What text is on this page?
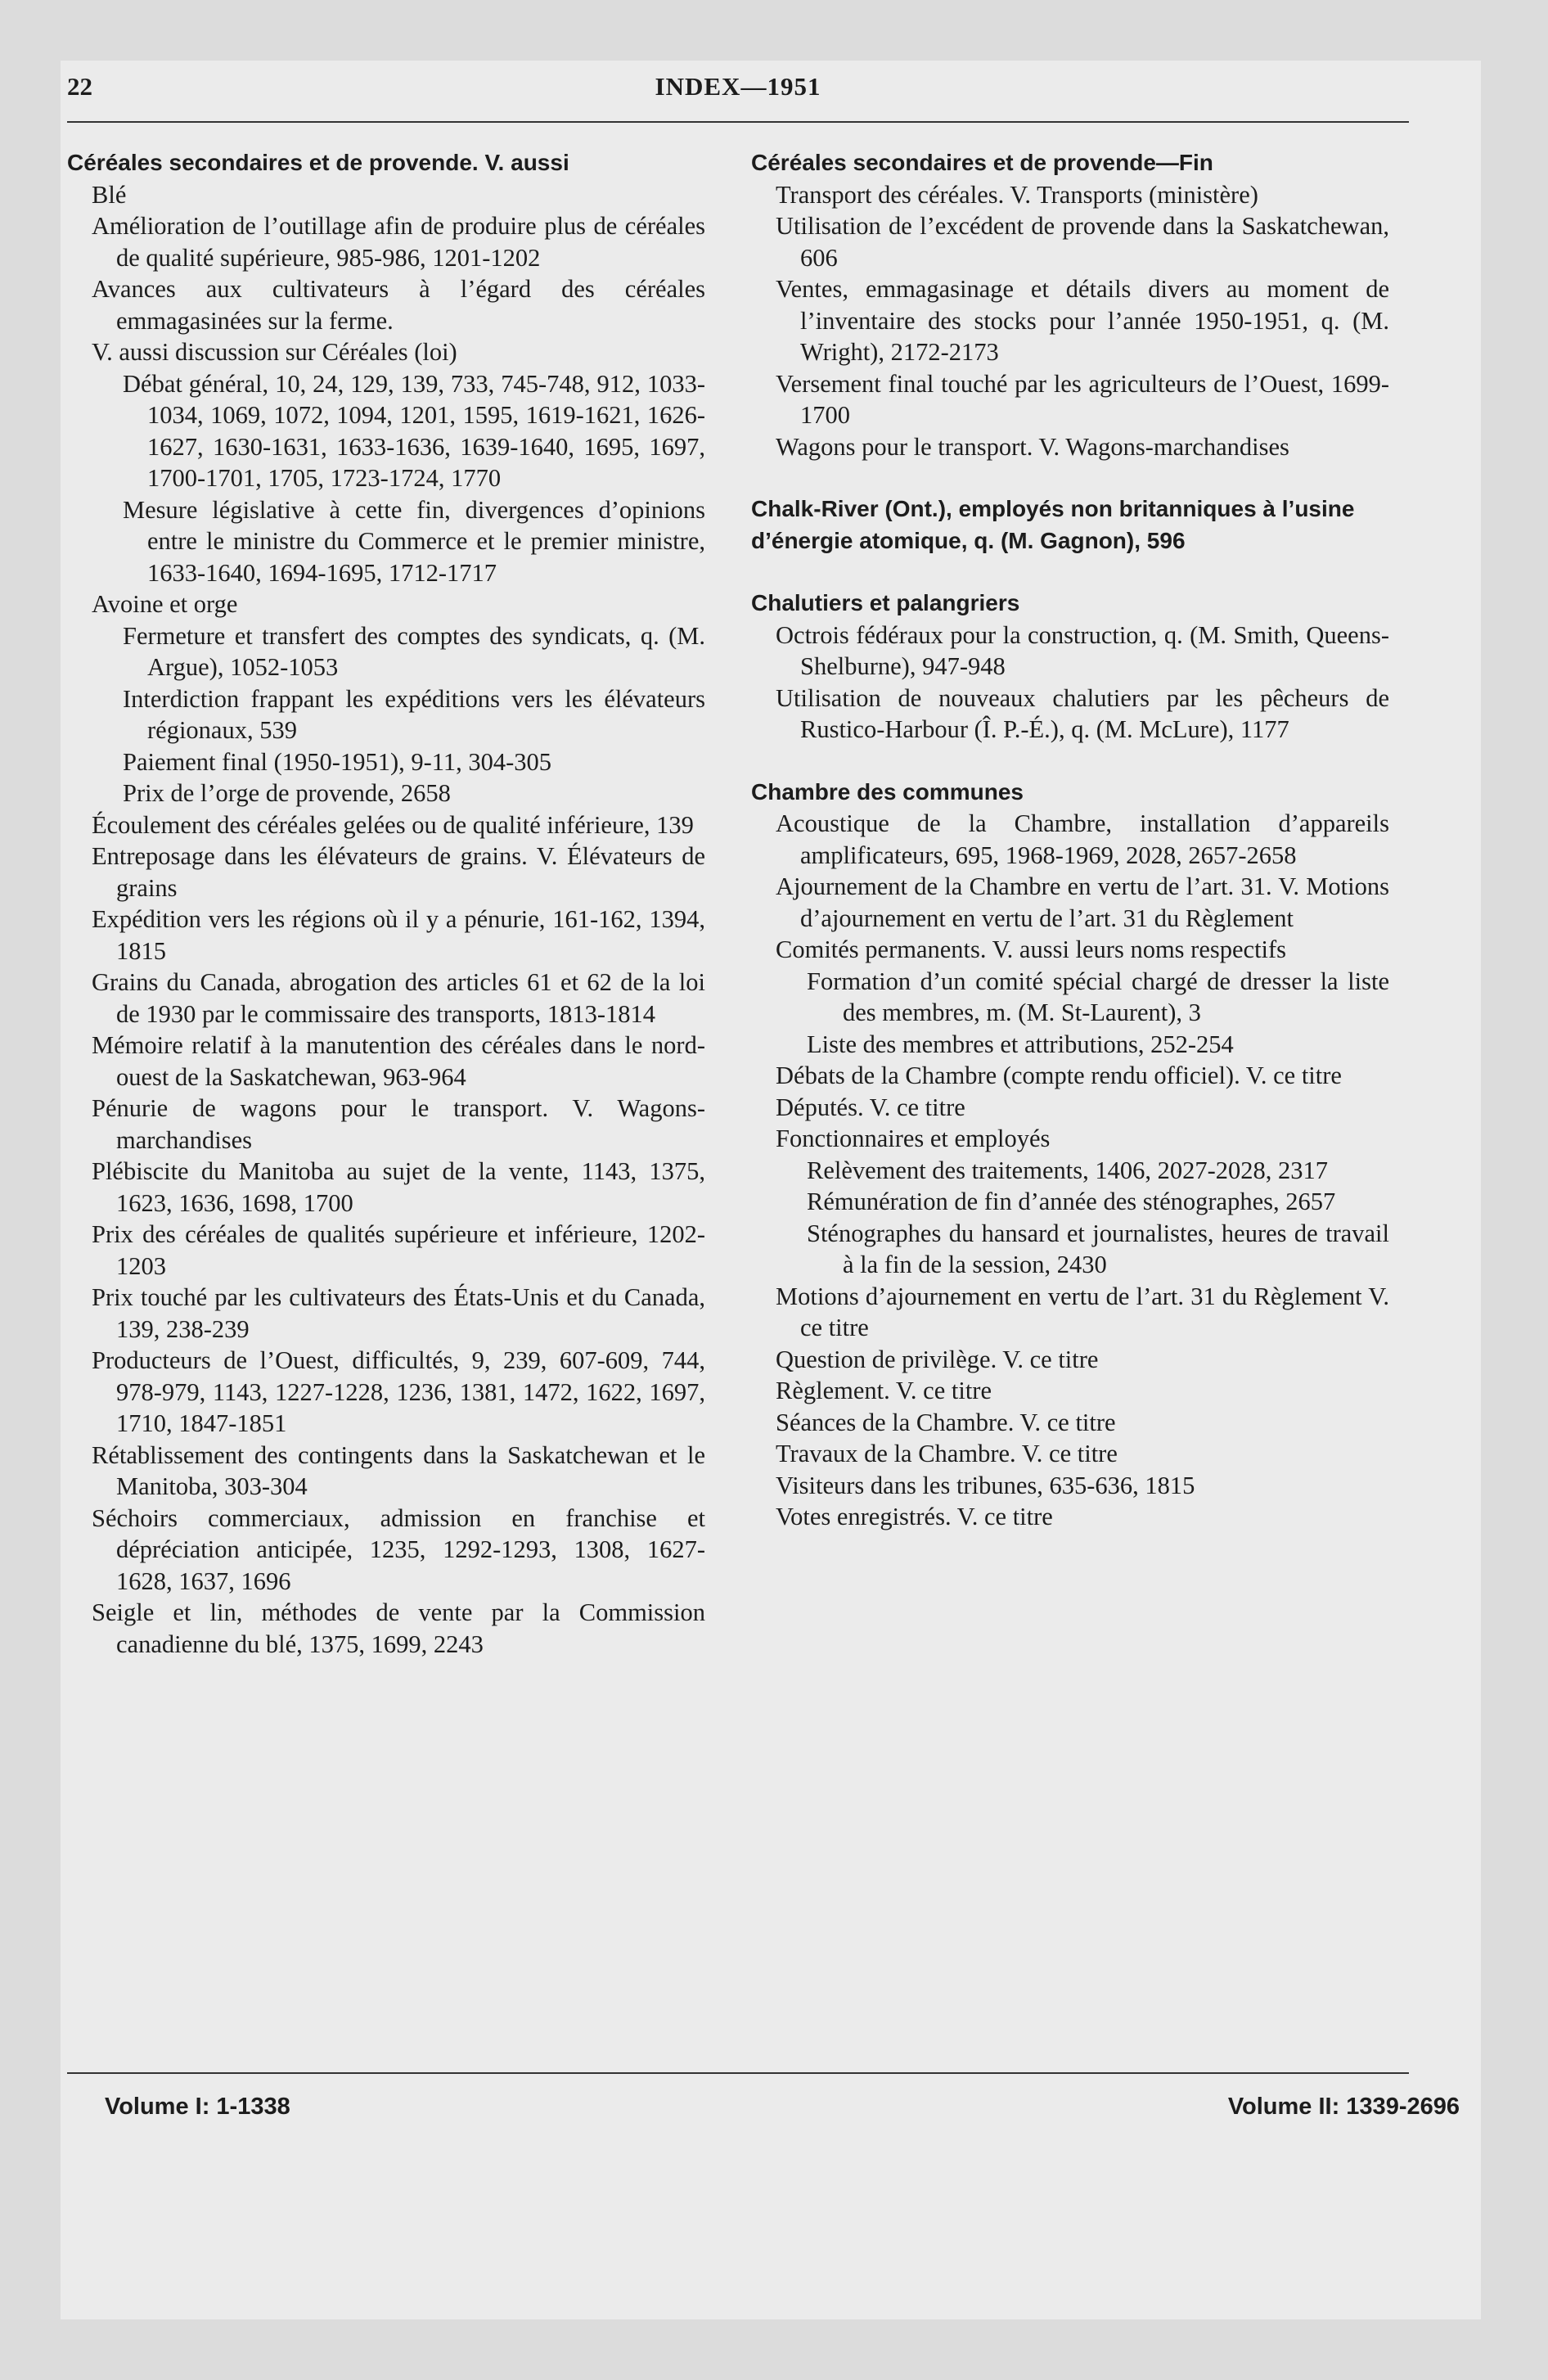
22	INDEX—1951
Céréales secondaires et de provende. V. aussi
Blé
Amélioration de l’outillage afin de produire plus de céréales de qualité supérieure, 985-986, 1201-1202
Avances aux cultivateurs à l’égard des céréales emmagasinées sur la ferme.
V. aussi discussion sur Céréales (loi)
Débat général, 10, 24, 129, 139, 733, 745-748, 912, 1033-1034, 1069, 1072, 1094, 1201, 1595, 1619-1621, 1626-1627, 1630-1631, 1633-1636, 1639-1640, 1695, 1697, 1700-1701, 1705, 1723-1724, 1770
Mesure législative à cette fin, divergences d’opinions entre le ministre du Commerce et le premier ministre, 1633-1640, 1694-1695, 1712-1717
Avoine et orge
Fermeture et transfert des comptes des syndicats, q. (M. Argue), 1052-1053
Interdiction frappant les expéditions vers les élévateurs régionaux, 539
Paiement final (1950-1951), 9-11, 304-305
Prix de l’orge de provende, 2658
Écoulement des céréales gelées ou de qualité inférieure, 139
Entreposage dans les élévateurs de grains. V. Élévateurs de grains
Expédition vers les régions où il y a pénurie, 161-162, 1394, 1815
Grains du Canada, abrogation des articles 61 et 62 de la loi de 1930 par le commissaire des transports, 1813-1814
Mémoire relatif à la manutention des céréales dans le nord-ouest de la Saskatchewan, 963-964
Pénurie de wagons pour le transport. V. Wagons-marchandises
Plébiscite du Manitoba au sujet de la vente, 1143, 1375, 1623, 1636, 1698, 1700
Prix des céréales de qualités supérieure et inférieure, 1202-1203
Prix touché par les cultivateurs des États-Unis et du Canada, 139, 238-239
Producteurs de l’Ouest, difficultés, 9, 239, 607-609, 744, 978-979, 1143, 1227-1228, 1236, 1381, 1472, 1622, 1697, 1710, 1847-1851
Rétablissement des contingents dans la Saskatchewan et le Manitoba, 303-304
Séchoirs commerciaux, admission en franchise et dépréciation anticipée, 1235, 1292-1293, 1308, 1627-1628, 1637, 1696
Seigle et lin, méthodes de vente par la Commission canadienne du blé, 1375, 1699, 2243
Céréales secondaires et de provende—Fin
Transport des céréales. V. Transports (ministère)
Utilisation de l’excédent de provende dans la Saskatchewan, 606
Ventes, emmagasinage et détails divers au moment de l’inventaire des stocks pour l’année 1950-1951, q. (M. Wright), 2172-2173
Versement final touché par les agriculteurs de l’Ouest, 1699-1700
Wagons pour le transport. V. Wagons-marchandises
Chalk-River (Ont.), employés non britanniques à l’usine d’énergie atomique, q. (M. Gagnon), 596
Chalutiers et palangriers
Octrois fédéraux pour la construction, q. (M. Smith, Queens-Shelburne), 947-948
Utilisation de nouveaux chalutiers par les pêcheurs de Rustico-Harbour (Î. P.-É.), q. (M. McLure), 1177
Chambre des communes
Acoustique de la Chambre, installation d’appareils amplificateurs, 695, 1968-1969, 2028, 2657-2658
Ajournement de la Chambre en vertu de l’art. 31. V. Motions d’ajournement en vertu de l’art. 31 du Règlement
Comités permanents. V. aussi leurs noms respectifs
Formation d’un comité spécial chargé de dresser la liste des membres, m. (M. St-Laurent), 3
Liste des membres et attributions, 252-254
Débats de la Chambre (compte rendu officiel). V. ce titre
Députés. V. ce titre
Fonctionnaires et employés
Relèvement des traitements, 1406, 2027-2028, 2317
Rémunération de fin d’année des sténographes, 2657
Sténographes du hansard et journalistes, heures de travail à la fin de la session, 2430
Motions d’ajournement en vertu de l’art. 31 du Règlement V. ce titre
Question de privilège. V. ce titre
Règlement. V. ce titre
Séances de la Chambre. V. ce titre
Travaux de la Chambre. V. ce titre
Visiteurs dans les tribunes, 635-636, 1815
Votes enregistrés. V. ce titre
Volume I: 1-1338	Volume II: 1339-2696
